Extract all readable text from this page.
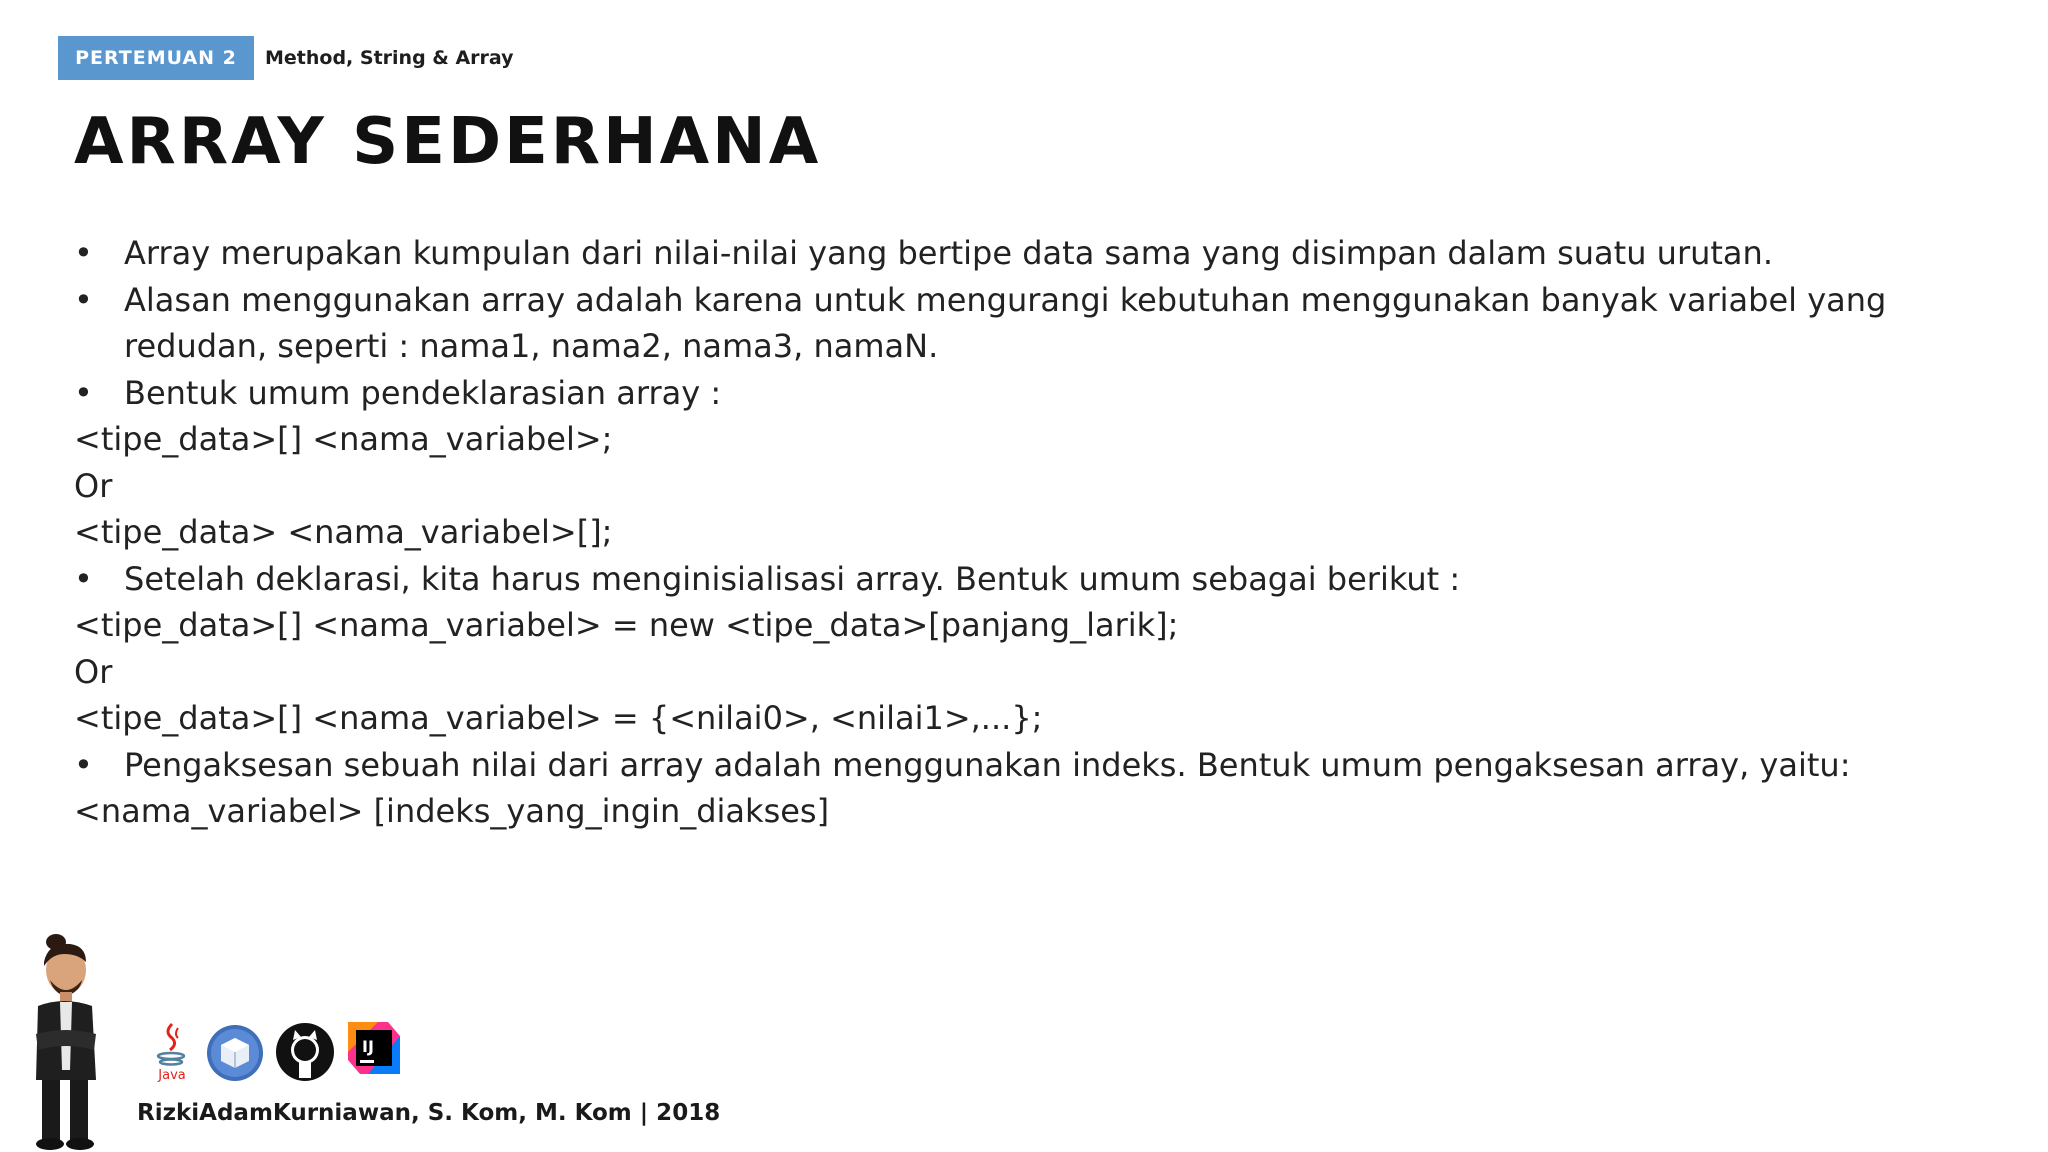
PERTEMUAN 2	Method, String & Array
ARRAY SEDERHANA
• Array merupakan kumpulan dari nilai-nilai yang bertipe data sama yang disimpan dalam suatu urutan.
• Alasan menggunakan array adalah karena untuk mengurangi kebutuhan menggunakan banyak variabel yang
redudan, seperti : nama1, nama2, nama3, namaN.
• Bentuk umum pendeklarasian array :
<tipe_data>[] <nama_variabel>;
Or
<tipe_data> <nama_variabel>[];
• Setelah deklarasi, kita harus menginisialisasi array. Bentuk umum sebagai berikut :
<tipe_data>[] <nama_variabel> = new <tipe_data>[panjang_larik];
Or
<tipe_data>[] <nama_variabel> = {<nilai0>, <nilai1>,...};
• Pengaksesan sebuah nilai dari array adalah menggunakan indeks. Bentuk umum pengaksesan array, yaitu:
<nama_variabel> [indeks_yang_ingin_diakses]
Java
IJ
RizkiAdamKurniawan, S. Kom, M. Kom | 2018
